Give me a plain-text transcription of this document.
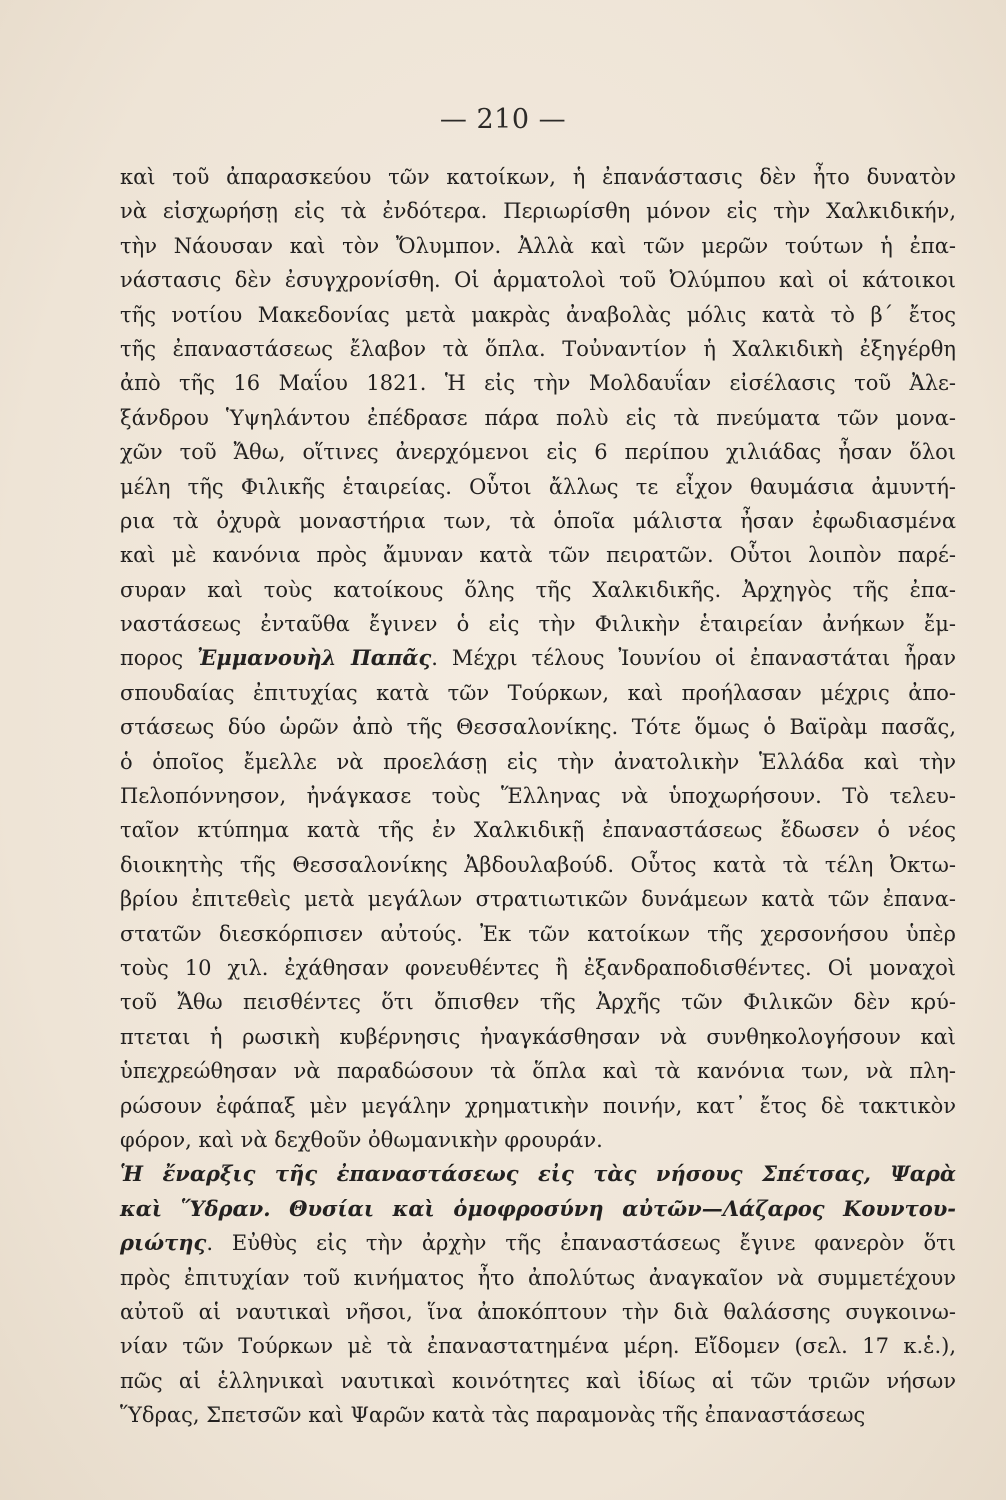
— 210 —
καὶ τοῦ ἀπαρασκεύου τῶν κατοίκων, ἡ ἐπανάστασις δὲν ἦτο δυνατὸν
νὰ εἰσχωρήσῃ εἰς τὰ ἐνδότερα. Περιωρίσθη μόνον εἰς τὴν Χαλκιδικήν,
τὴν Νάουσαν καὶ τὸν Ὄλυμπον. Ἀλλὰ καὶ τῶν μερῶν τούτων ἡ ἐπα-
νάστασις δὲν ἐσυγχρονίσθη. Οἱ ἁρματολοὶ τοῦ Ὀλύμπου καὶ οἱ κάτοικοι
τῆς νοτίου Μακεδονίας μετὰ μακρὰς ἀναβολὰς μόλις κατὰ τὸ β΄ ἔτος
τῆς ἐπαναστάσεως ἔλαβον τὰ ὅπλα. Τοὐναντίον ἡ Χαλκιδικὴ ἐξηγέρθη
ἀπὸ τῆς 16 Μαΐου 1821. Ἡ εἰς τὴν Μολδαυΐαν εἰσέλασις τοῦ Ἀλε-
ξάνδρου Ὑψηλάντου ἐπέδρασε πάρα πολὺ εἰς τὰ πνεύματα τῶν μονα-
χῶν τοῦ Ἄθω, οἵτινες ἀνερχόμενοι εἰς 6 περίπου χιλιάδας ἦσαν ὅλοι
μέλη τῆς Φιλικῆς ἑταιρείας. Οὗτοι ἄλλως τε εἶχον θαυμάσια ἀμυντή-
ρια τὰ ὀχυρὰ μοναστήρια των, τὰ ὁποῖα μάλιστα ἦσαν ἐφωδιασμένα
καὶ μὲ κανόνια πρὸς ἄμυναν κατὰ τῶν πειρατῶν. Οὗτοι λοιπὸν παρέ-
συραν καὶ τοὺς κατοίκους ὅλης τῆς Χαλκιδικῆς. Ἀρχηγὸς τῆς ἐπα-
ναστάσεως ἐνταῦθα ἔγινεν ὁ εἰς τὴν Φιλικὴν ἑταιρείαν ἀνήκων ἔμ-
πορος Ἐμμανουὴλ Παπᾶς. Μέχρι τέλους Ἰουνίου οἱ ἐπαναστάται ἦραν
σπουδαίας ἐπιτυχίας κατὰ τῶν Τούρκων, καὶ προήλασαν μέχρις ἀπο-
στάσεως δύο ὡρῶν ἀπὸ τῆς Θεσσαλονίκης. Τότε ὅμως ὁ Βαϊρὰμ πασᾶς,
ὁ ὁποῖος ἔμελλε νὰ προελάσῃ εἰς τὴν ἀνατολικὴν Ἑλλάδα καὶ τὴν
Πελοπόννησον, ἠνάγκασε τοὺς Ἕλληνας νὰ ὑποχωρήσουν. Τὸ τελευ-
ταῖον κτύπημα κατὰ τῆς ἐν Χαλκιδικῇ ἐπαναστάσεως ἔδωσεν ὁ νέος
διοικητὴς τῆς Θεσσαλονίκης Ἀβδουλαβούδ. Οὗτος κατὰ τὰ τέλη Ὀκτω-
βρίου ἐπιτεθεὶς μετὰ μεγάλων στρατιωτικῶν δυνάμεων κατὰ τῶν ἐπανα-
στατῶν διεσκόρπισεν αὐτούς. Ἐκ τῶν κατοίκων τῆς χερσονήσου ὑπὲρ
τοὺς 10 χιλ. ἐχάθησαν φονευθέντες ἢ ἐξανδραποδισθέντες. Οἱ μοναχοὶ
τοῦ Ἄθω πεισθέντες ὅτι ὄπισθεν τῆς Ἀρχῆς τῶν Φιλικῶν δὲν κρύ-
πτεται ἡ ρωσικὴ κυβέρνησις ἠναγκάσθησαν νὰ συνθηκολογήσουν καὶ
ὑπεχρεώθησαν νὰ παραδώσουν τὰ ὅπλα καὶ τὰ κανόνια των, νὰ πλη-
ρώσουν ἐφάπαξ μὲν μεγάλην χρηματικὴν ποινήν, κατ᾽ ἔτος δὲ τακτικὸν
φόρον, καὶ νὰ δεχθοῦν ὀθωμανικὴν φρουράν.
Ἡ ἔναρξις τῆς ἐπαναστάσεως εἰς τὰς νήσους Σπέτσας, Ψαρὰ
καὶ Ὕδραν. Θυσίαι καὶ ὁμοφροσύνη αὐτῶν—Λάζαρος Κουντου-
ριώτης. Εὐθὺς εἰς τὴν ἀρχὴν τῆς ἐπαναστάσεως ἔγινε φανερὸν ὅτι
πρὸς ἐπιτυχίαν τοῦ κινήματος ἦτο ἀπολύτως ἀναγκαῖον νὰ συμμετέχουν
αὐτοῦ αἱ ναυτικαὶ νῆσοι, ἵνα ἀποκόπτουν τὴν διὰ θαλάσσης συγκοινω-
νίαν τῶν Τούρκων μὲ τὰ ἐπαναστατημένα μέρη. Εἴδομεν (σελ. 17 κ.ἑ.),
πῶς αἱ ἑλληνικαὶ ναυτικαὶ κοινότητες καὶ ἰδίως αἱ τῶν τριῶν νήσων
Ὕδρας, Σπετσῶν καὶ Ψαρῶν κατὰ τὰς παραμονὰς τῆς ἐπαναστάσεως
